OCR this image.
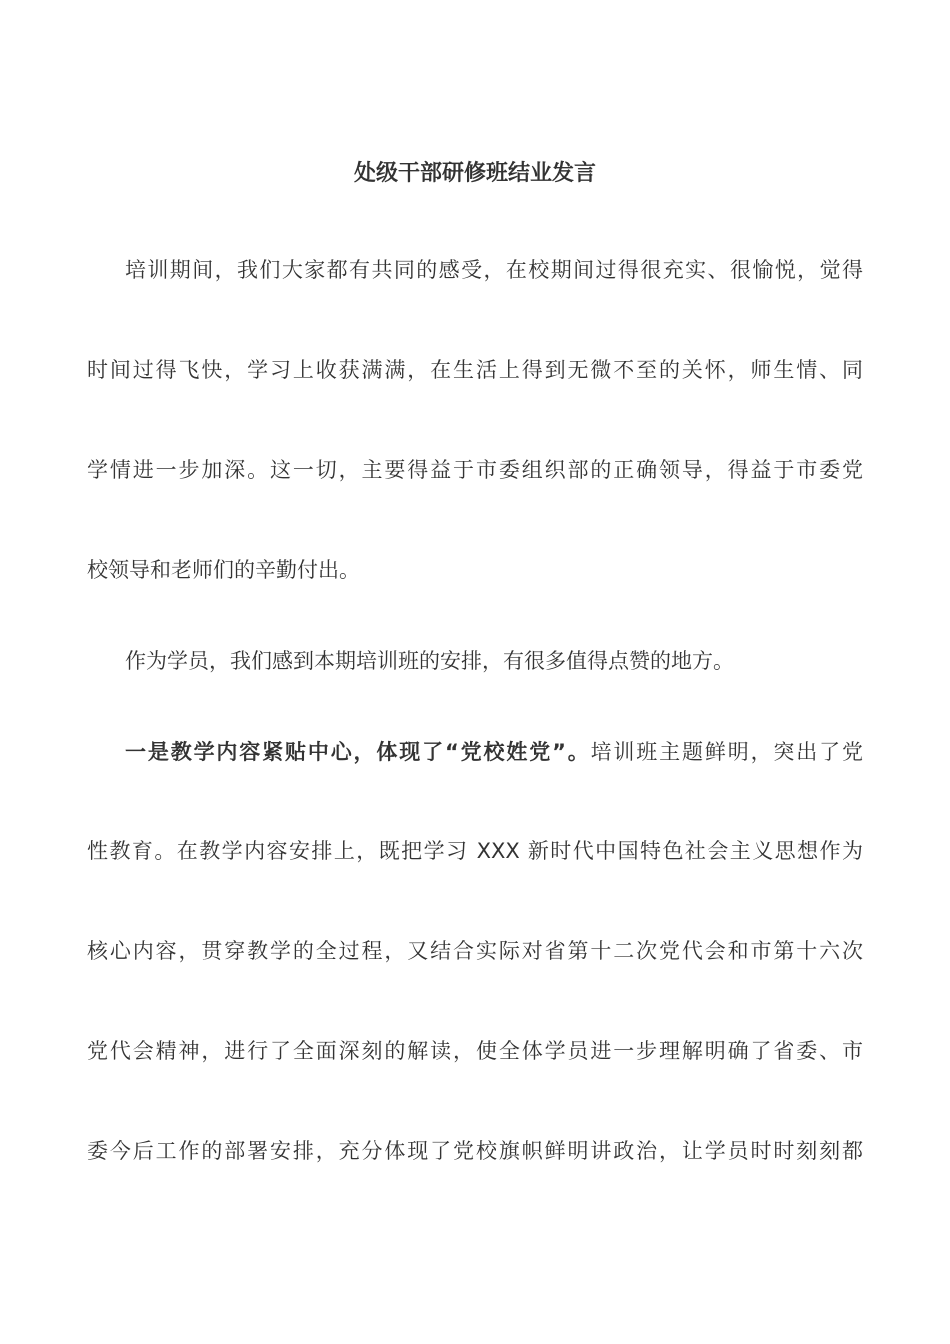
处级干部研修班结业发言

培训期间，我们大家都有共同的感受，在校期间过得很充实、很愉悦，觉得

时间过得飞快，学习上收获满满，在生活上得到无微不至的关怀，师生情、同

学情进一步加深。这一切，主要得益于市委组织部的正确领导，得益于市委党

校领导和老师们的辛勤付出。

作为学员，我们感到本期培训班的安排，有很多值得点赞的地方。

一是教学内容紧贴中心，体现了“党校姓党”。培训班主题鲜明，突出了党

性教育。在教学内容安排上，既把学习 XXX 新时代中国特色社会主义思想作为

核心内容，贯穿教学的全过程，又结合实际对省第十二次党代会和市第十六次

党代会精神，进行了全面深刻的解读，使全体学员进一步理解明确了省委、市

委今后工作的部署安排，充分体现了党校旗帜鲜明讲政治，让学员时时刻刻都
